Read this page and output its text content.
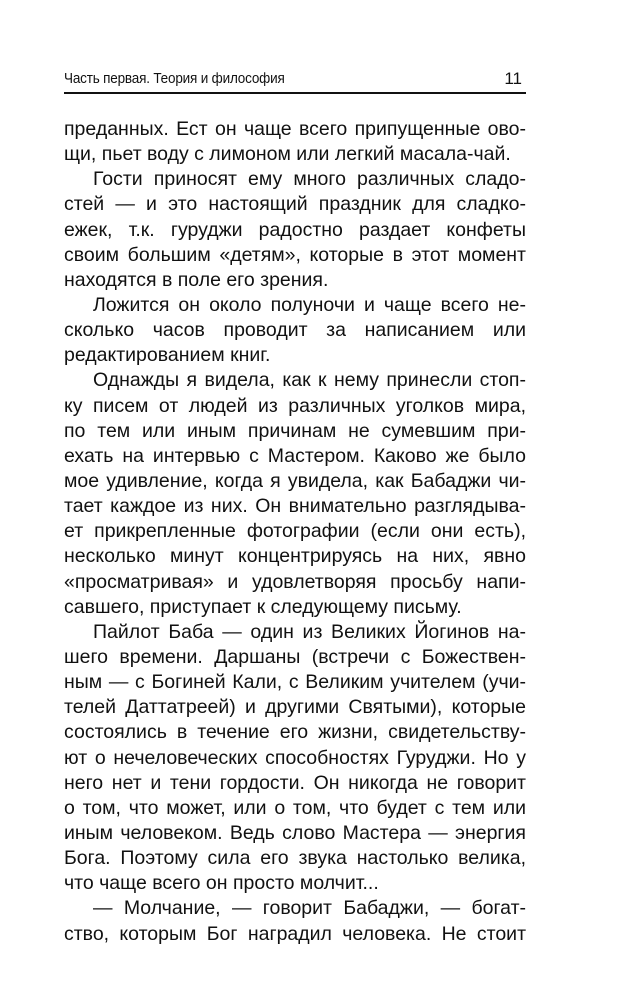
Часть первая. Теория и философия	11
преданных. Ест он чаще всего припущенные ово-
щи, пьет воду с лимоном или легкий масала-чай.
Гости приносят ему много различных сладо-
стей — и это настоящий праздник для сладко-
ежек, т.к. гуруджи радостно раздает конфеты
своим большим «детям», которые в этот момент
находятся в поле его зрения.
Ложится он около полуночи и чаще всего не-
сколько часов проводит за написанием или
редактированием книг.
Однажды я видела, как к нему принесли стоп-
ку писем от людей из различных уголков мира,
по тем или иным причинам не сумевшим при-
ехать на интервью с Мастером. Каково же было
мое удивление, когда я увидела, как Бабаджи чи-
тает каждое из них. Он внимательно разглядыва-
ет прикрепленные фотографии (если они есть),
несколько минут концентрируясь на них, явно
«просматривая» и удовлетворяя просьбу напи-
савшего, приступает к следующему письму.
Пайлот Баба — один из Великих Йогинов на-
шего времени. Даршаны (встречи с Божествен-
ным — с Богиней Кали, с Великим учителем (учи-
телей Даттатреей) и другими Святыми), которые
состоялись в течение его жизни, свидетельству-
ют о нечеловеческих способностях Гуруджи. Но у
него нет и тени гордости. Он никогда не говорит
о том, что может, или о том, что будет с тем или
иным человеком. Ведь слово Мастера — энергия
Бога. Поэтому сила его звука настолько велика,
что чаще всего он просто молчит...
— Молчание, — говорит Бабаджи, — богат-
ство, которым Бог наградил человека. Не стоит
